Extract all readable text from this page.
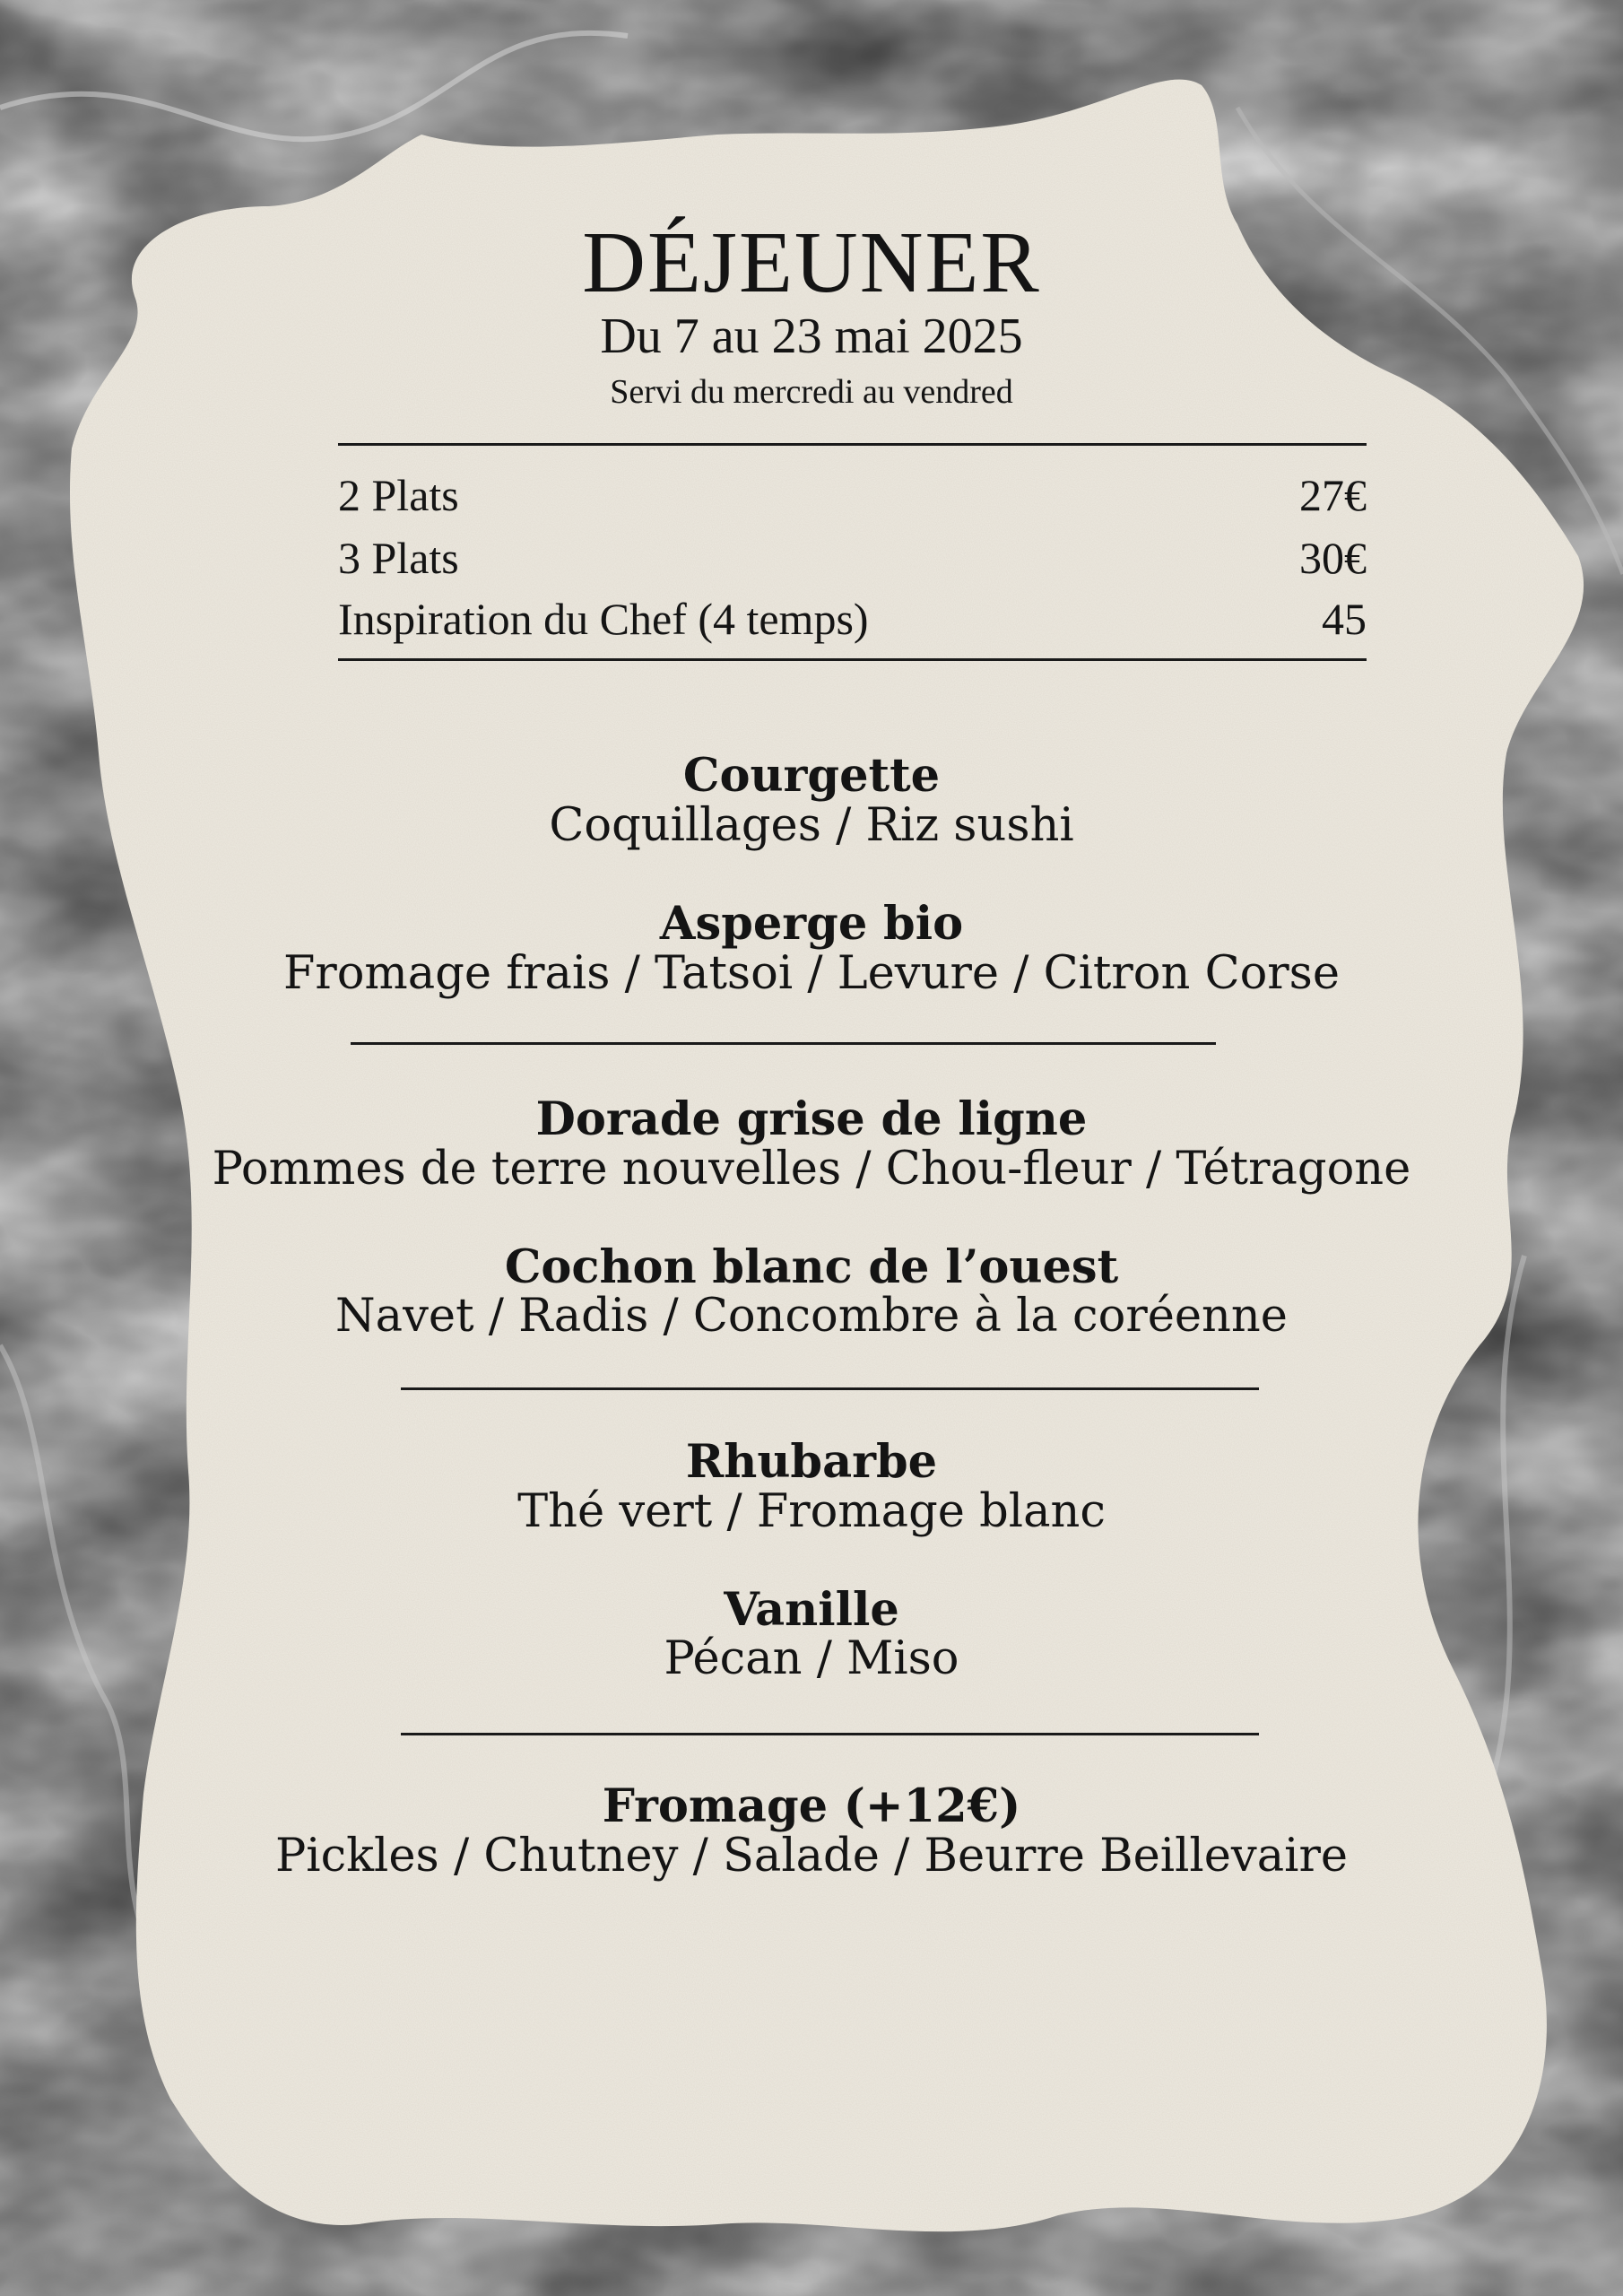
DÉJEUNER
Du 7 au 23 mai 2025
Servi du mercredi au vendred
2 Plats	27€
3 Plats	30€
Inspiration du Chef (4 temps)	45
Courgette
Coquillages / Riz sushi
Asperge bio
Fromage frais / Tatsoi / Levure / Citron Corse
Dorade grise de ligne
Pommes de terre nouvelles / Chou-fleur / Tétragone
Cochon blanc de l’ouest
Navet / Radis / Concombre à la coréenne
Rhubarbe
Thé vert / Fromage blanc
Vanille
Pécan / Miso
Fromage (+12€)
Pickles / Chutney / Salade / Beurre Beillevaire
